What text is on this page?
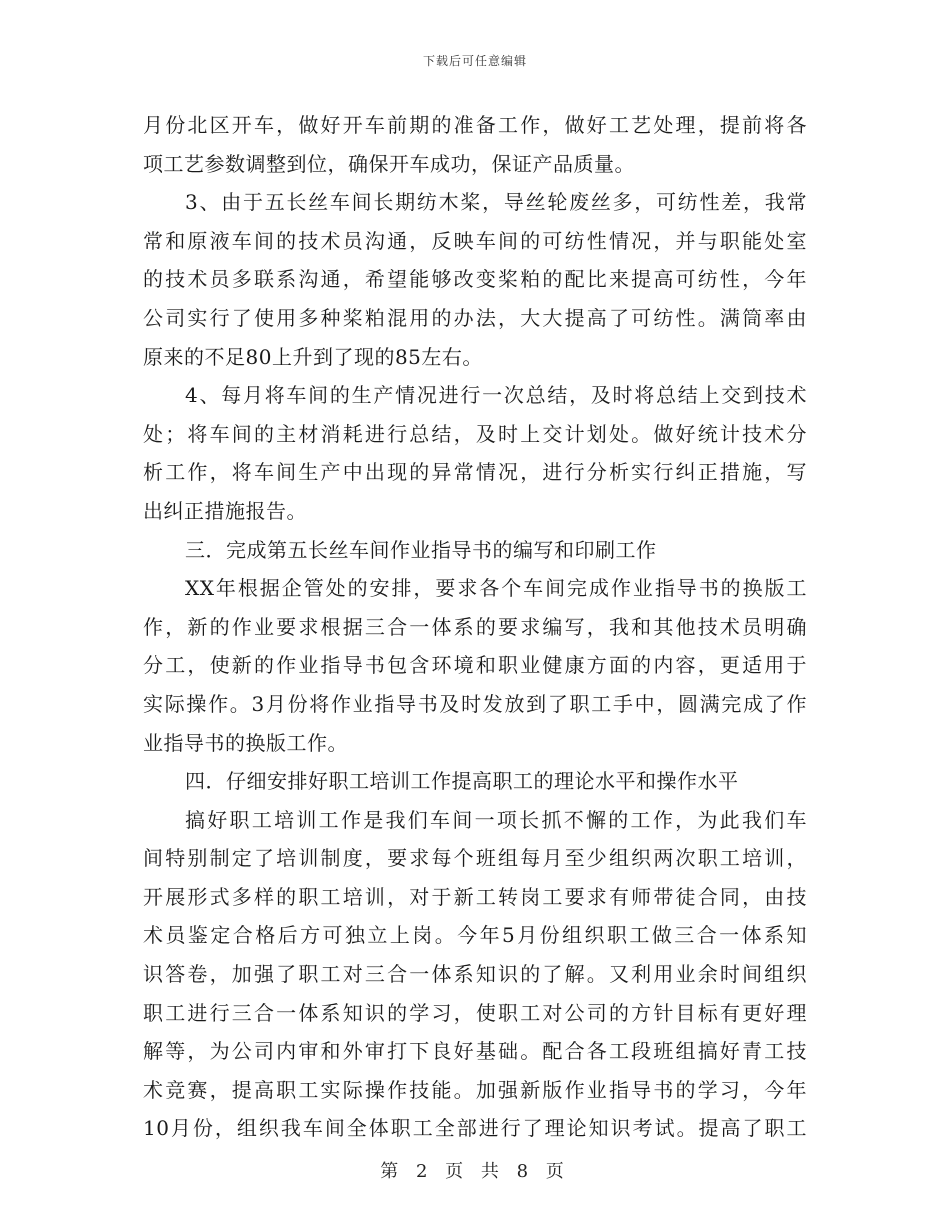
下载后可任意编辑
月份北区开车，做好开车前期的准备工作，做好工艺处理，提前将各
项工艺参数调整到位，确保开车成功，保证产品质量。
3、由于五长丝车间长期纺木桨，导丝轮废丝多，可纺性差，我常
常和原液车间的技术员沟通，反映车间的可纺性情况，并与职能处室
的技术员多联系沟通，希望能够改变桨粕的配比来提高可纺性，今年
公司实行了使用多种桨粕混用的办法，大大提高了可纺性。满筒率由
原来的不足80上升到了现的85左右。
4、每月将车间的生产情况进行一次总结，及时将总结上交到技术
处；将车间的主材消耗进行总结，及时上交计划处。做好统计技术分
析工作，将车间生产中出现的异常情况，进行分析实行纠正措施，写
出纠正措施报告。
三．完成第五长丝车间作业指导书的编写和印刷工作
XX年根据企管处的安排，要求各个车间完成作业指导书的换版工
作，新的作业要求根据三合一体系的要求编写，我和其他技术员明确
分工，使新的作业指导书包含环境和职业健康方面的内容，更适用于
实际操作。3月份将作业指导书及时发放到了职工手中，圆满完成了作
业指导书的换版工作。
四．仔细安排好职工培训工作提高职工的理论水平和操作水平
搞好职工培训工作是我们车间一项长抓不懈的工作，为此我们车
间特别制定了培训制度，要求每个班组每月至少组织两次职工培训，
开展形式多样的职工培训，对于新工转岗工要求有师带徒合同，由技
术员鉴定合格后方可独立上岗。今年5月份组织职工做三合一体系知
识答卷，加强了职工对三合一体系知识的了解。又利用业余时间组织
职工进行三合一体系知识的学习，使职工对公司的方针目标有更好理
解等，为公司内审和外审打下良好基础。配合各工段班组搞好青工技
术竞赛，提高职工实际操作技能。加强新版作业指导书的学习，今年
10月份，组织我车间全体职工全部进行了理论知识考试。提高了职工
第 2 页 共 8 页
